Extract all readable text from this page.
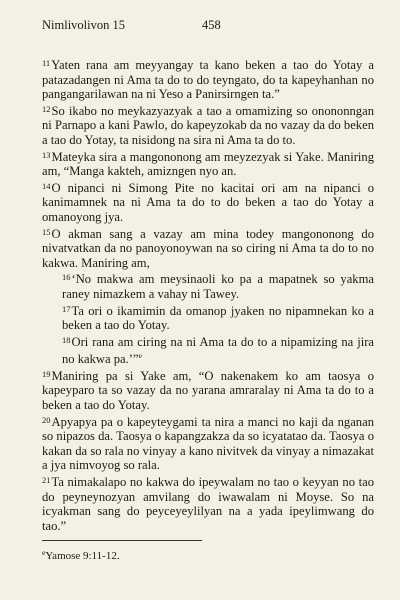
Nimlivolivon 15	458

$^{11}$Yaten rana am meyyangay ta kano beken a tao do Yotay a patazadangen ni Ama ta do to do teyngato, do ta kapeyhanhan no pangangarilawan na ni Yeso a Panirsirngen ta.”

$^{12}$So ikabo no meykazyazyak a tao a omamizing so onononngan ni Parnapo a kani Pawlo, do kapeyzokab da no vazay da do beken a tao do Yotay, ta nisidong na sira ni Ama ta do to.

$^{13}$Mateyka sira a mangononong am meyzezyak si Yake. Maniring am, “Manga kakteh, amizngen nyo an.

$^{14}$O nipanci ni Simong Pite no kacitai ori am na nipanci o kanimamnek na ni Ama ta do to do beken a tao do Yotay a omanoyong jya.

$^{15}$O akman sang a vazay am mina todey mangononong do nivatvatkan da no panoyonoywan na so ciring ni Ama ta do to no kakwa. Maniring am,

$^{16}$‘No makwa am meysinaoli ko pa a mapatnek so yakma raney nimazkem a vahay ni Tawey.

$^{17}$Ta ori o ikamimin da omanop jyaken no nipamnekan ko a beken a tao do Yotay.

$^{18}$Ori rana am ciring na ni Ama ta do to a nipamizing na jira no kakwa pa.’”$^e$

$^{19}$Maniring pa si Yake am, “O nakenakem ko am taosya o kapeyparo ta so vazay da no yarana amraralay ni Ama ta do to a beken a tao do Yotay.

$^{20}$Apyapya pa o kapeyteygami ta nira a manci no kaji da nganan so nipazos da. Taosya o kapangzakza da so icyatatao da. Taosya o kakan da so rala no vinyay a kano nivitvek da vinyay a nimazakat a jya nimvoyog so rala.

$^{21}$Ta nimakalapo no kakwa do ipeywalam no tao o keyyan no tao do peyneynozyan amvilang do iwawalam ni Moyse. So na icyakman sang do peyceyeylilyan na a yada ipeylimwang do tao.”

$^e$Yamose 9:11-12.
